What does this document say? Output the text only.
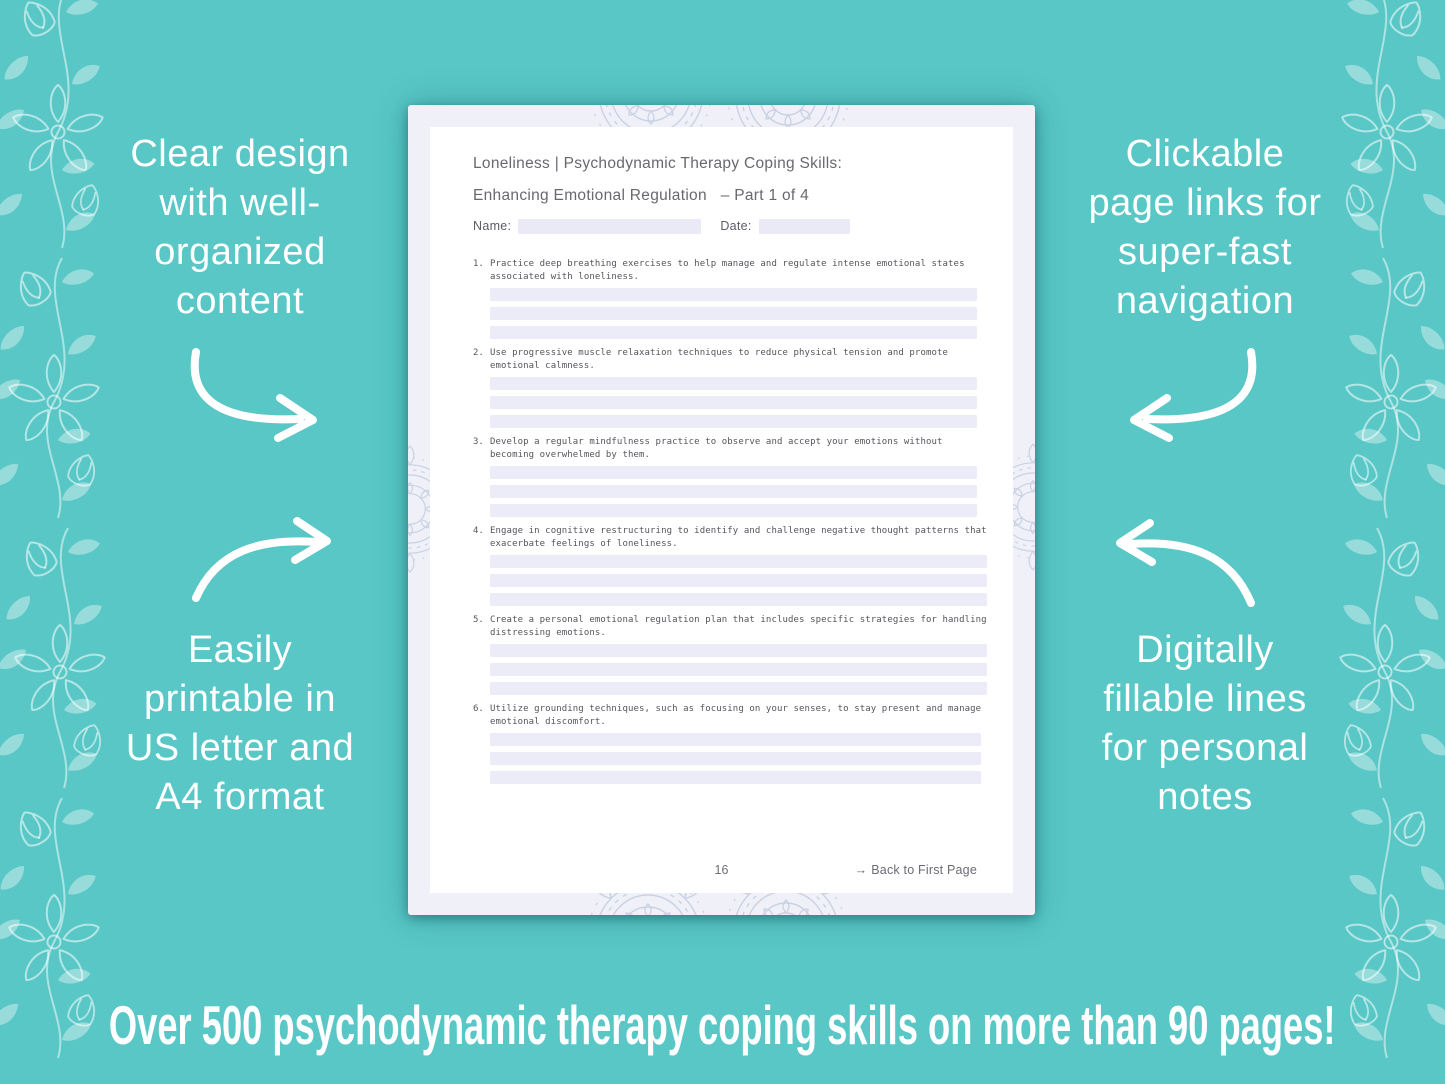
Clear design
with well-
organized
content
Easily
printable in
US letter and
A4 format
Clickable
page links for
super-fast
navigation
Digitally
fillable lines
for personal
notes
Loneliness | Psychodynamic Therapy Coping Skills:
Enhancing Emotional Regulation   – Part 1 of 4
Name:	Date:
1. Practice deep breathing exercises to help manage and regulate intense emotional states
associated with loneliness.
2. Use progressive muscle relaxation techniques to reduce physical tension and promote
emotional calmness.
3. Develop a regular mindfulness practice to observe and accept your emotions without
becoming overwhelmed by them.
4. Engage in cognitive restructuring to identify and challenge negative thought patterns that
exacerbate feelings of loneliness.
5. Create a personal emotional regulation plan that includes specific strategies for handling
distressing emotions.
6. Utilize grounding techniques, such as focusing on your senses, to stay present and manage
emotional discomfort.
16	→ Back to First Page
Over 500 psychodynamic therapy coping skills on more than 90 pages!
